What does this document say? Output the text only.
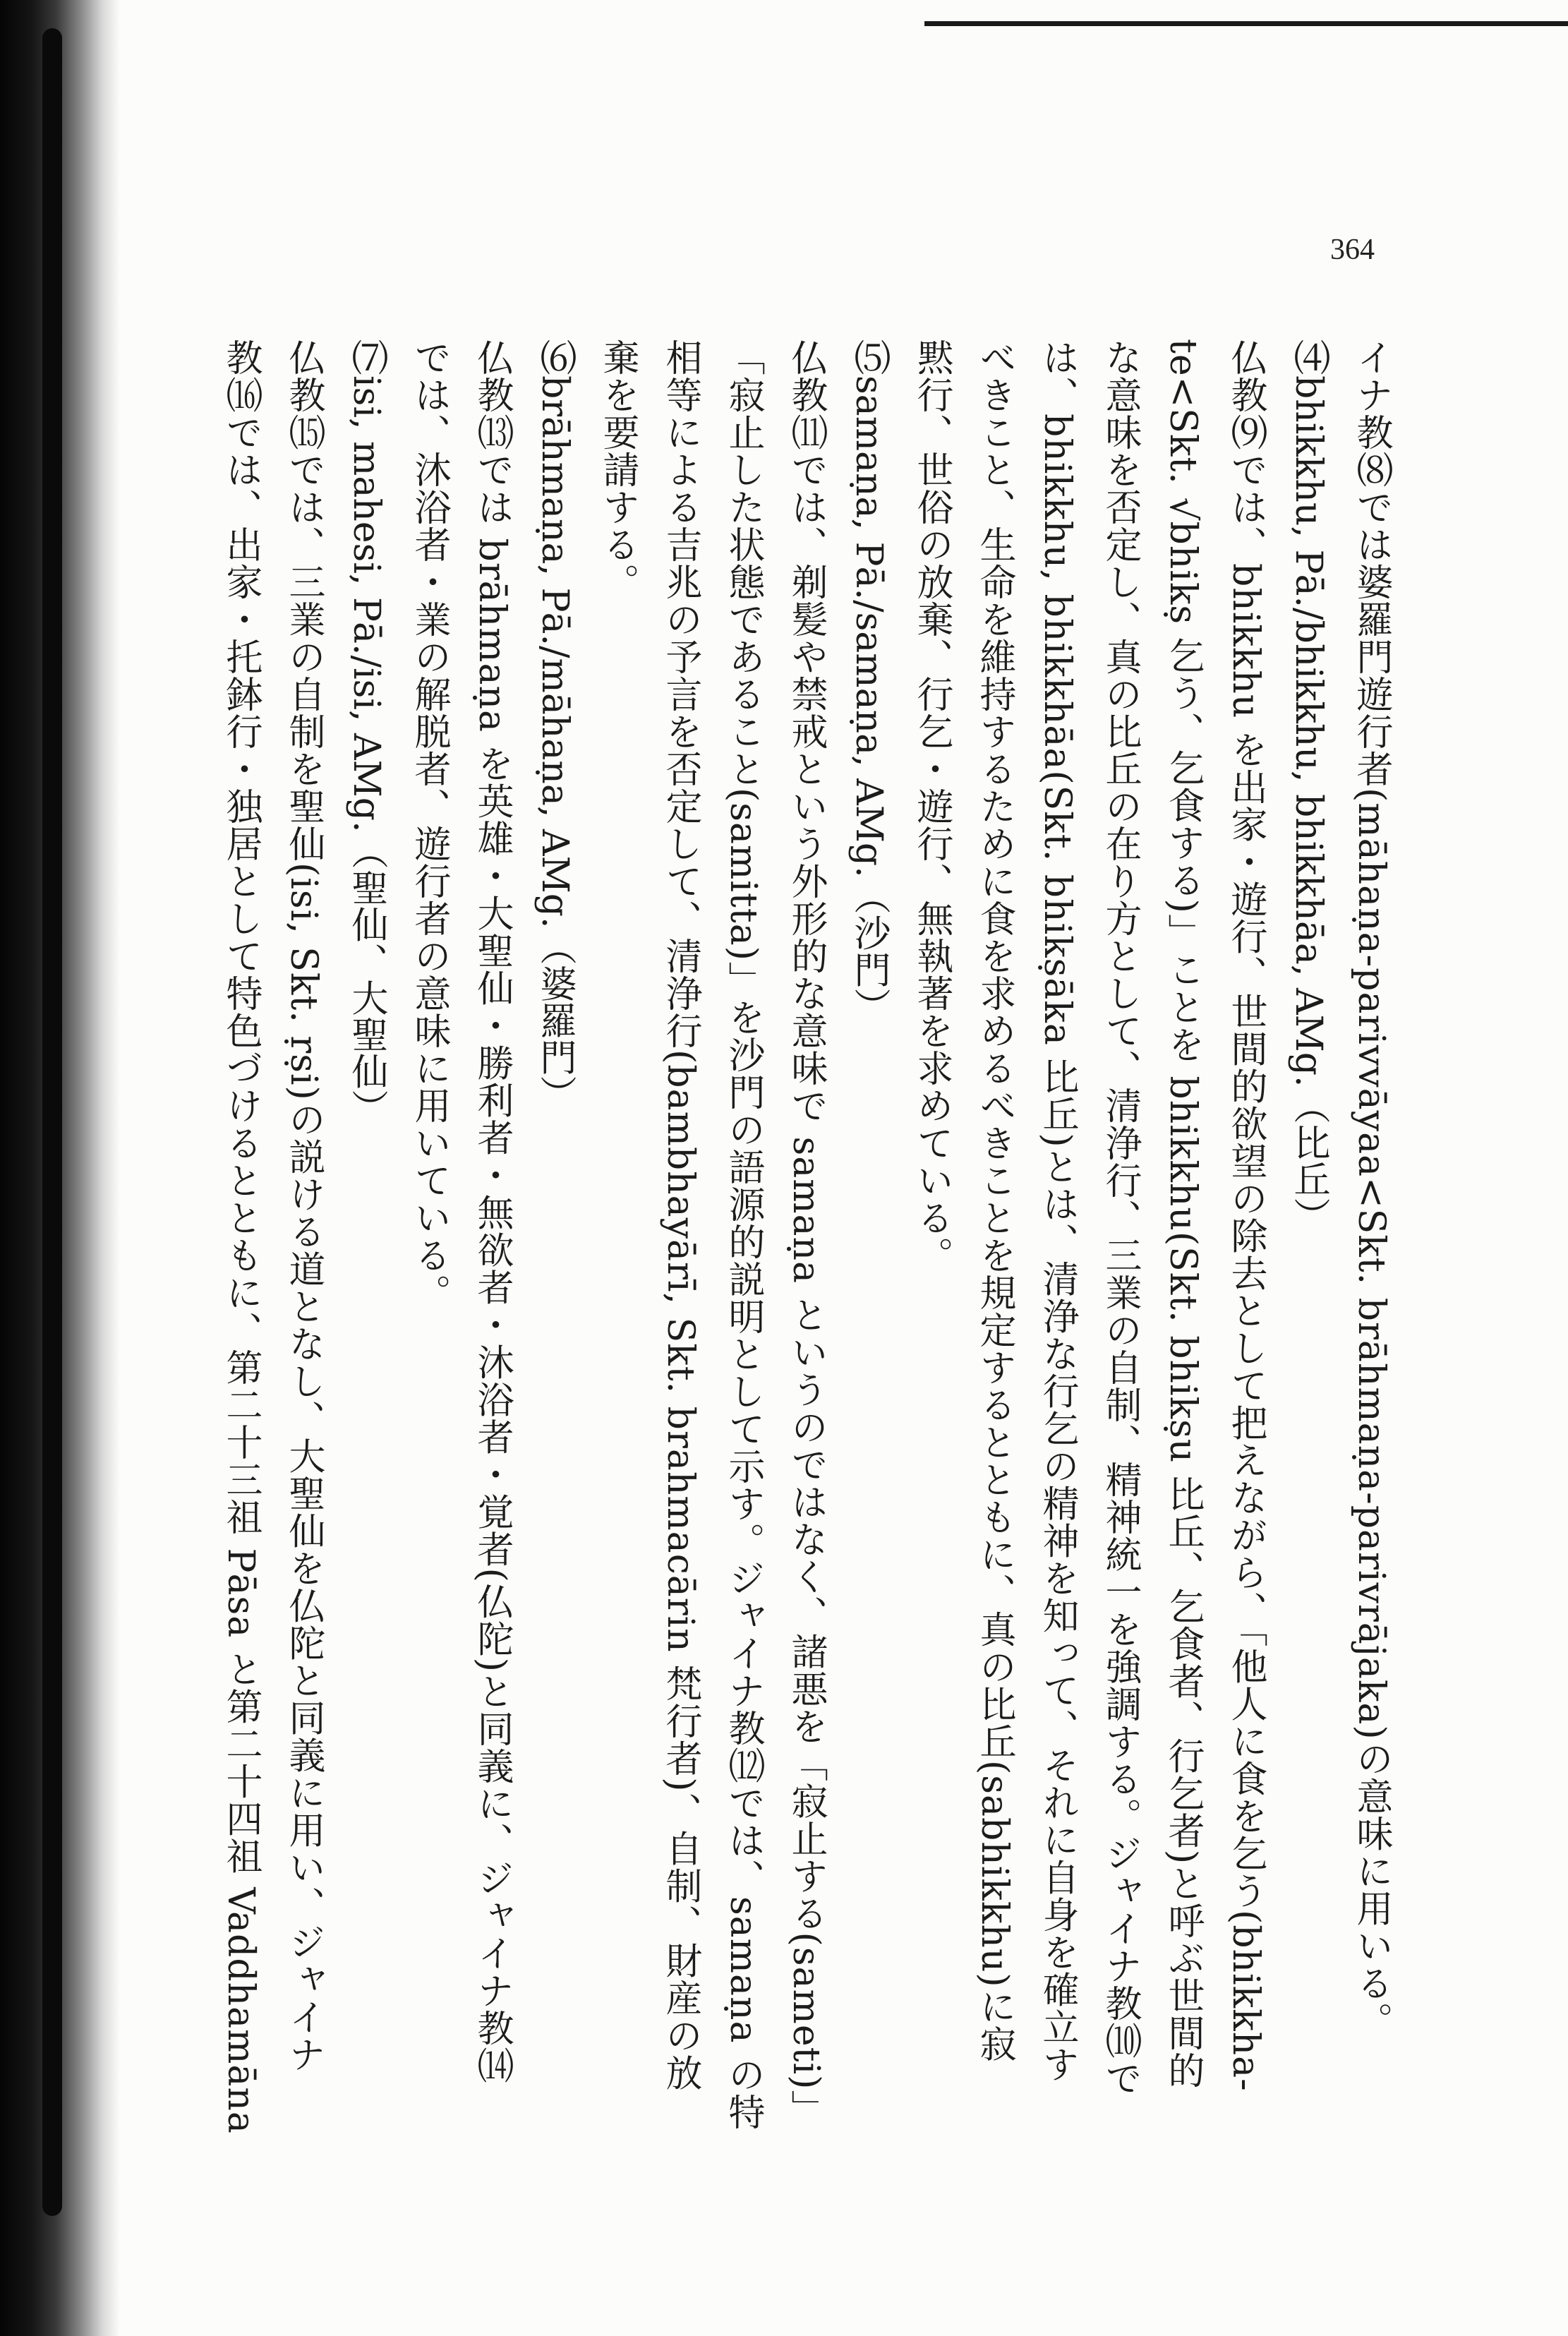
364
イナ教⑻では婆羅門遊行者(māhaṇa-parivvāyaa<Skt. brāhmaṇa-parivrājaka)の意味に用いる。
⑷bhikkhu, Pā./bhikkhu, bhikkhāa, AMg.（比丘）
仏教⑼では、bhikkhu を出家・遊行、世間的欲望の除去として把えながら、「他人に食を乞う(bhikkha-
te<Skt. √bhikṣ 乞う、乞食する)」ことを bhikkhu(Skt. bhikṣu 比丘、乞食者、行乞者)と呼ぶ世間的
な意味を否定し、真の比丘の在り方として、清浄行、三業の自制、精神統一を強調する。ジャイナ教⑽で
は、bhikkhu, bhikkhāa(Skt. bhikṣāka 比丘)とは、清浄な行乞の精神を知って、それに自身を確立す
べきこと、生命を維持するために食を求めるべきことを規定するとともに、真の比丘(sabhikkhu)に寂
黙行、世俗の放棄、行乞・遊行、無執著を求めている。
⑸samaṇa, Pā./samaṇa, AMg.（沙門）
仏教⑾では、剃髪や禁戒という外形的な意味で samaṇa というのではなく、諸悪を「寂止する(sameti)」
「寂止した状態であること(samitta)」を沙門の語源的説明として示す。ジャイナ教⑿では、samaṇa の特
相等による吉兆の予言を否定して、清浄行(bambhayārī, Skt. brahmacārin 梵行者)、自制、財産の放
棄を要請する。
⑹brāhmaṇa, Pā./māhaṇa, AMg.（婆羅門）
仏教⒀では brāhmaṇa を英雄・大聖仙・勝利者・無欲者・沐浴者・覚者(仏陀)と同義に、ジャイナ教⒁
では、沐浴者・業の解脱者、遊行者の意味に用いている。
⑺isi, mahesi, Pā./isi, AMg.（聖仙、大聖仙）
仏教⒂では、三業の自制を聖仙(isi, Skt. ṛṣi)の説ける道となし、大聖仙を仏陀と同義に用い、ジャイナ
教⒃では、出家・托鉢行・独居として特色づけるとともに、第二十三祖 Pāsa と第二十四祖 Vaddhamāna
